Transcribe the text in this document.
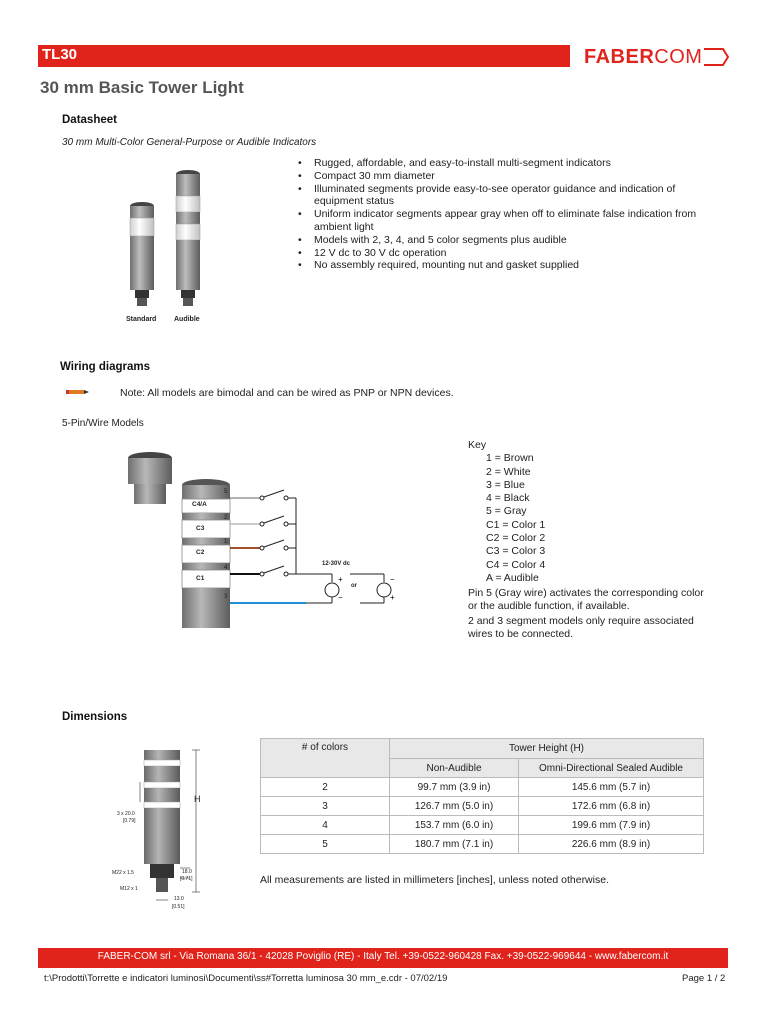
TL30	FABERCOM
30 mm Basic Tower Light
Datasheet
30 mm Multi-Color General-Purpose or Audible Indicators
Standard	Audible
• Rugged, affordable, and easy-to-install multi-segment indicators
• Compact 30 mm diameter
• Illuminated segments provide easy-to-see operator guidance and indication of equipment status
• Uniform indicator segments appear gray when off to eliminate false indication from ambient light
• Models with 2, 3, 4, and 5 color segments plus audible
• 12 V dc to 30 V dc operation
• No assembly required, mounting nut and gasket supplied
Wiring diagrams
Note: All models are bimodal and can be wired as PNP or NPN devices.
5-Pin/Wire Models
+
−
−
+
C4/A
C3
C2
C1
5
2
1
4
3
12-30V dc
or
Key
1 = Brown
2 = White
3 = Blue
4 = Black
5 = Gray
C1 = Color 1
C2 = Color 2
C3 = Color 3
C4 = Color 4
A = Audible
Pin 5 (Gray wire) activates the corresponding color or the audible function, if available.
2 and 3 segment models only require associated wires to be connected.
Dimensions
H
3 x 20.0
[0.79]
M22 x 1.5
M12 x 1
18.0
[0.71]
13.0
[0.51]
# of colors	Tower Height (H)	
	Non-Audible	Omni-Directional Sealed Audible
2	99.7 mm (3.9 in)	145.6 mm (5.7 in)
3	126.7 mm (5.0 in)	172.6 mm (6.8 in)
4	153.7 mm (6.0 in)	199.6 mm (7.9 in)
5	180.7 mm (7.1 in)	226.6 mm (8.9 in)
All measurements are listed in millimeters [inches], unless noted otherwise.
FABER-COM srl - Via Romana 36/1 - 42028 Poviglio (RE) - Italy Tel. +39-0522-960428 Fax. +39-0522-969644 - www.fabercom.it
t:\Prodotti\Torrette e indicatori luminosi\Documenti\ss#Torretta luminosa 30 mm_e.cdr - 07/02/19	Page 1 / 2
